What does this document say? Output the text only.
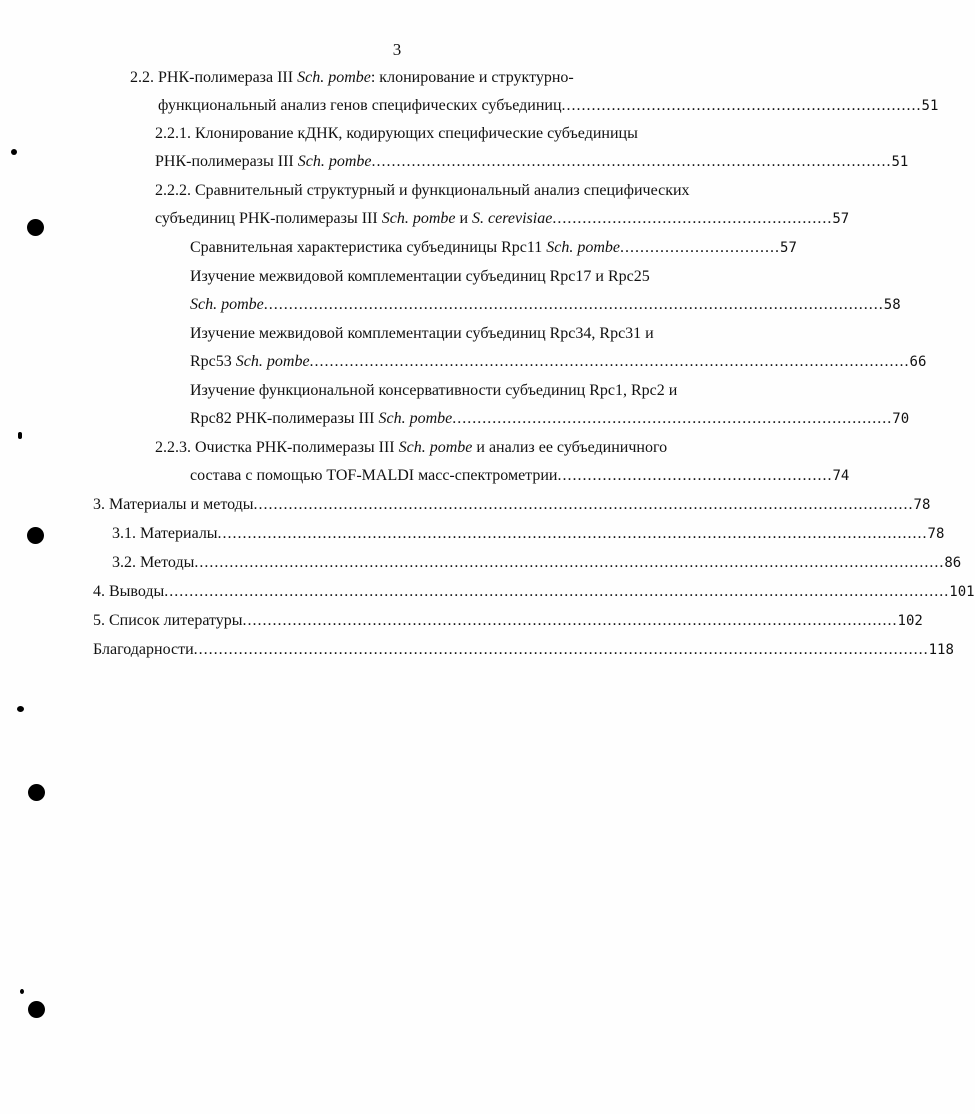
3
2.2. РНК-полимераза III Sch. pombe: клонирование и структурно-
функциональный анализ генов специфических субъединиц ........................................................................ 51
2.2.1. Клонирование кДНК, кодирующих специфические субъединицы
РНК-полимеразы III Sch. pombe ........................................................................................................ 51
2.2.2. Сравнительный структурный и функциональный анализ специфических
субъединиц РНК-полимеразы III Sch. pombe и S. cerevisiae ........................................................ 57
Сравнительная характеристика субъединицы Rpc11 Sch. pombe ................................ 57
Изучение межвидовой комплементации субъединиц Rpc17 и Rpc25
Sch. pombe ............................................................................................................................ 58
Изучение межвидовой комплементации субъединиц Rpc34, Rpc31 и
Rpc53 Sch. pombe ........................................................................................................................ 66
Изучение функциональной консервативности субъединиц Rpc1, Rpc2 и
Rpc82 РНК-полимеразы III Sch. pombe ........................................................................................ 70
2.2.3. Очистка РНК-полимеразы III Sch. pombe и анализ ее субъединичного
состава с помощью TOF-MALDI масс-спектрометрии ....................................................... 74
3. Материалы и методы .................................................................................................................................... 78
3.1. Материалы .............................................................................................................................................. 78
3.2. Методы ...................................................................................................................................................... 86
4. Выводы ............................................................................................................................................................. 101
5. Список литературы ................................................................................................................................... 102
Благодарности ................................................................................................................................................... 118
